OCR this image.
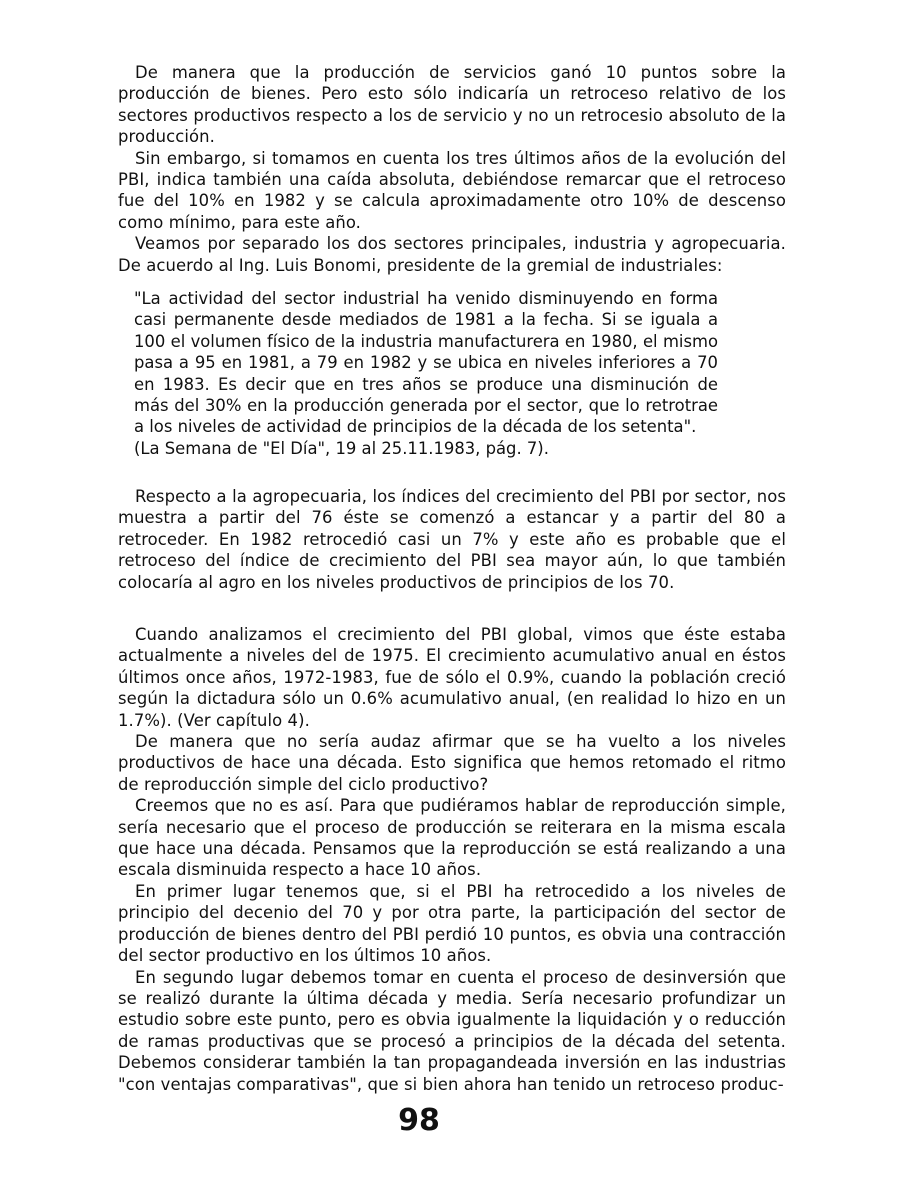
De manera que la producción de servicios ganó 10 puntos sobre la producción de bienes. Pero esto sólo indicaría un retroceso relativo de los sectores productivos respecto a los de servicio y no un retrocesio absoluto de la producción.

Sin embargo, si tomamos en cuenta los tres últimos años de la evolución del PBI, indica también una caída absoluta, debiéndose remarcar que el retroceso fue del 10% en 1982 y se calcula aproximadamente otro 10% de descenso como mínimo, para este año.

Veamos por separado los dos sectores principales, industria y agropecuaria. De acuerdo al Ing. Luis Bonomi, presidente de la gremial de industriales:

"La actividad del sector industrial ha venido disminuyendo en forma casi permanente desde mediados de 1981 a la fecha. Si se iguala a 100 el volumen físico de la industria manufacturera en 1980, el mismo pasa a 95 en 1981, a 79 en 1982 y se ubica en niveles inferiores a 70 en 1983. Es decir que en tres años se produce una disminución de más del 30% en la producción generada por el sector, que lo retrotrae a los niveles de actividad de principios de la década de los setenta".

(La Semana de "El Día", 19 al 25.11.1983, pág. 7).

Respecto a la agropecuaria, los índices del crecimiento del PBI por sector, nos muestra a partir del 76 éste se comenzó a estancar y a partir del 80 a retroceder. En 1982 retrocedió casi un 7% y este año es probable que el retroceso del índice de crecimiento del PBI sea mayor aún, lo que también colocaría al agro en los niveles productivos de principios de los 70.

Cuando analizamos el crecimiento del PBI global, vimos que éste estaba actualmente a niveles del de 1975. El crecimiento acumulativo anual en éstos últimos once años, 1972-1983, fue de sólo el 0.9%, cuando la población creció según la dictadura sólo un 0.6% acumulativo anual, (en realidad lo hizo en un 1.7%). (Ver capítulo 4).

De manera que no sería audaz afirmar que se ha vuelto a los niveles productivos de hace una década. Esto significa que hemos retomado el ritmo de reproducción simple del ciclo productivo?

Creemos que no es así. Para que pudiéramos hablar de reproducción simple, sería necesario que el proceso de producción se reiterara en la misma escala que hace una década. Pensamos que la reproducción se está realizando a una escala disminuida respecto a hace 10 años.

En primer lugar tenemos que, si el PBI ha retrocedido a los niveles de principio del decenio del 70 y por otra parte, la participación del sector de producción de bienes dentro del PBI perdió 10 puntos, es obvia una contracción del sector productivo en los últimos 10 años.

En segundo lugar debemos tomar en cuenta el proceso de desinversión que se realizó durante la última década y media. Sería necesario profundizar un estudio sobre este punto, pero es obvia igualmente la liquidación y o reducción de ramas productivas que se procesó a principios de la década del setenta. Debemos considerar también la tan propagandeada inversión en las industrias "con ventajas comparativas", que si bien ahora han tenido un retroceso produc-

98
